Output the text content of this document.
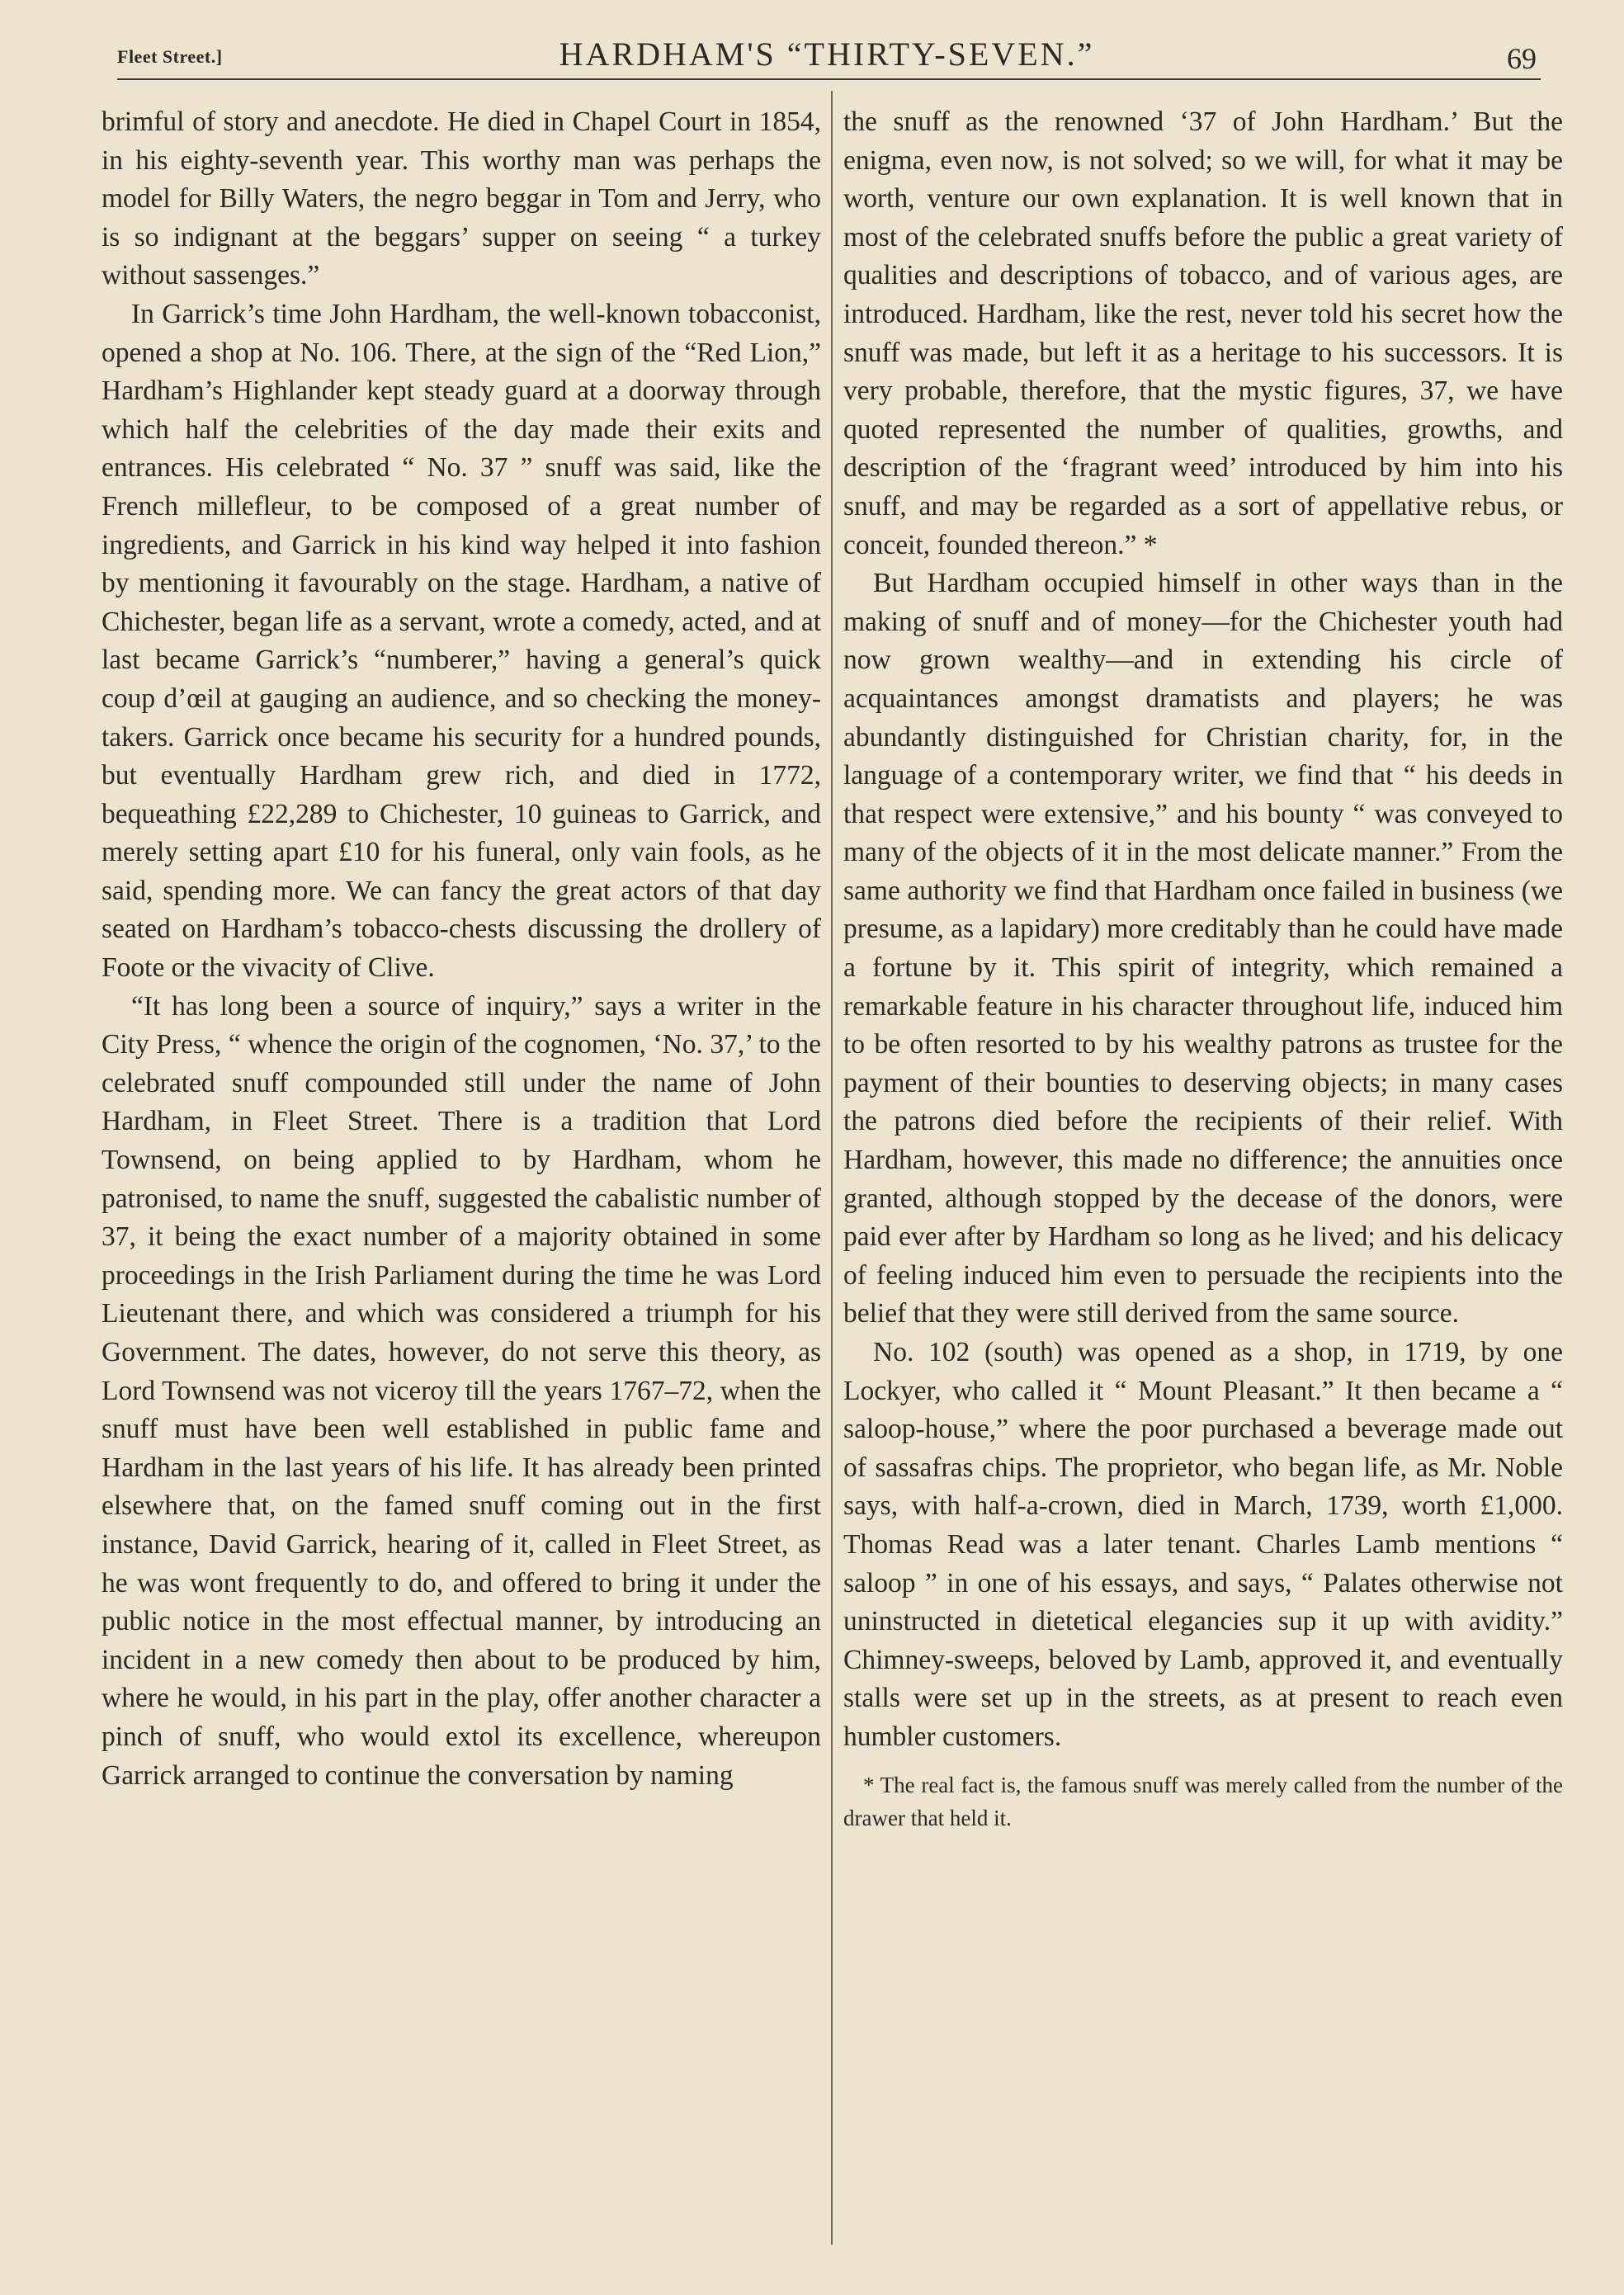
Fleet Street.]	HARDHAM'S “THIRTY-SEVEN.”	69

brimful of story and anecdote. He died in Chapel Court in 1854, in his eighty-seventh year. This worthy man was perhaps the model for Billy Waters, the negro beggar in Tom and Jerry, who is so indignant at the beggars’ supper on seeing “ a turkey without sassenges.”

In Garrick’s time John Hardham, the well-known tobacconist, opened a shop at No. 106. There, at the sign of the “Red Lion,” Hardham’s Highlander kept steady guard at a doorway through which half the celebrities of the day made their exits and entrances. His celebrated “ No. 37 ” snuff was said, like the French millefleur, to be composed of a great number of ingredients, and Garrick in his kind way helped it into fashion by mentioning it favourably on the stage. Hardham, a native of Chichester, began life as a servant, wrote a comedy, acted, and at last became Garrick’s “numberer,” having a general’s quick coup d’œil at gauging an audience, and so checking the money-takers. Garrick once became his security for a hundred pounds, but eventually Hardham grew rich, and died in 1772, bequeathing £22,289 to Chichester, 10 guineas to Garrick, and merely setting apart £10 for his funeral, only vain fools, as he said, spending more. We can fancy the great actors of that day seated on Hardham’s tobacco-chests discussing the drollery of Foote or the vivacity of Clive.

“It has long been a source of inquiry,” says a writer in the City Press, “ whence the origin of the cognomen, ‘No. 37,’ to the celebrated snuff compounded still under the name of John Hardham, in Fleet Street. There is a tradition that Lord Townsend, on being applied to by Hardham, whom he patronised, to name the snuff, suggested the cabalistic number of 37, it being the exact number of a majority obtained in some proceedings in the Irish Parliament during the time he was Lord Lieutenant there, and which was considered a triumph for his Government. The dates, however, do not serve this theory, as Lord Townsend was not viceroy till the years 1767–72, when the snuff must have been well established in public fame and Hardham in the last years of his life. It has already been printed elsewhere that, on the famed snuff coming out in the first instance, David Garrick, hearing of it, called in Fleet Street, as he was wont frequently to do, and offered to bring it under the public notice in the most effectual manner, by introducing an incident in a new comedy then about to be produced by him, where he would, in his part in the play, offer another character a pinch of snuff, who would extol its excellence, whereupon Garrick arranged to continue the conversation by naming

the snuff as the renowned ‘37 of John Hardham.’ But the enigma, even now, is not solved; so we will, for what it may be worth, venture our own explanation. It is well known that in most of the celebrated snuffs before the public a great variety of qualities and descriptions of tobacco, and of various ages, are introduced. Hardham, like the rest, never told his secret how the snuff was made, but left it as a heritage to his successors. It is very probable, therefore, that the mystic figures, 37, we have quoted represented the number of qualities, growths, and description of the ‘fragrant weed’ introduced by him into his snuff, and may be regarded as a sort of appellative rebus, or conceit, founded thereon.” *

But Hardham occupied himself in other ways than in the making of snuff and of money—for the Chichester youth had now grown wealthy—and in extending his circle of acquaintances amongst dramatists and players; he was abundantly distinguished for Christian charity, for, in the language of a contemporary writer, we find that “ his deeds in that respect were extensive,” and his bounty “ was conveyed to many of the objects of it in the most delicate manner.” From the same authority we find that Hardham once failed in business (we presume, as a lapidary) more creditably than he could have made a fortune by it. This spirit of integrity, which remained a remarkable feature in his character throughout life, induced him to be often resorted to by his wealthy patrons as trustee for the payment of their bounties to deserving objects; in many cases the patrons died before the recipients of their relief. With Hardham, however, this made no difference; the annuities once granted, although stopped by the decease of the donors, were paid ever after by Hardham so long as he lived; and his delicacy of feeling induced him even to persuade the recipients into the belief that they were still derived from the same source.

No. 102 (south) was opened as a shop, in 1719, by one Lockyer, who called it “ Mount Pleasant.” It then became a “ saloop-house,” where the poor purchased a beverage made out of sassafras chips. The proprietor, who began life, as Mr. Noble says, with half-a-crown, died in March, 1739, worth £1,000. Thomas Read was a later tenant. Charles Lamb mentions “ saloop ” in one of his essays, and says, “ Palates otherwise not uninstructed in dietetical elegancies sup it up with avidity.” Chimney-sweeps, beloved by Lamb, approved it, and eventually stalls were set up in the streets, as at present to reach even humbler customers.

* The real fact is, the famous snuff was merely called from the number of the drawer that held it.
